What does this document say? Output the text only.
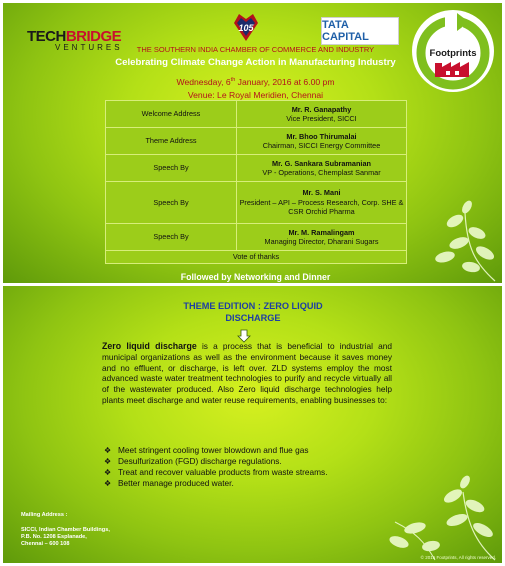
TECHBRIDGE
VENTURES
105
THE SOUTHERN INDIA CHAMBER OF COMMERCE AND INDUSTRY
TATA CAPITAL
Footprints
Celebrating Climate Change Action in Manufacturing Industry
Wednesday, 6th January, 2016 at 6.00 pm
Venue: Le Royal Meridien, Chennai
Welcome Address	Mr. R. Ganapathy
Vice President, SICCI
Theme Address	Mr. Bhoo Thirumalai
Chairman, SICCI Energy Committee
Speech By	Mr. G. Sankara Subramanian
VP - Operations, Chemplast Sanmar
Speech By	Mr. S. Mani
President – API – Process Research, Corp. SHE & CSR Orchid Pharma
Speech By	Mr. M. Ramalingam
Managing Director, Dharani Sugars
Vote of thanks	
Followed by Networking and Dinner
THEME EDITION : ZERO LIQUID
DISCHARGE
Zero liquid discharge is a process that is beneficial to industrial and municipal organizations as well as the environment because it saves money and no effluent, or discharge, is left over. ZLD systems employ the most advanced waste water treatment technologies to purify and recycle virtually all of the wastewater produced. Also Zero liquid discharge technologies help plants meet discharge and water reuse requirements, enabling businesses to:
❖ Meet stringent cooling tower blowdown and flue gas
❖ Desulfurization (FGD) discharge regulations.
❖ Treat and recover valuable products from waste streams.
❖ Better manage produced water.
Mailing Address :
SICCI, Indian Chamber Buildings,
P.B. No. 1208 Esplanade,
Chennai – 600 108
© 2015 Footprints, All rights reserved.
